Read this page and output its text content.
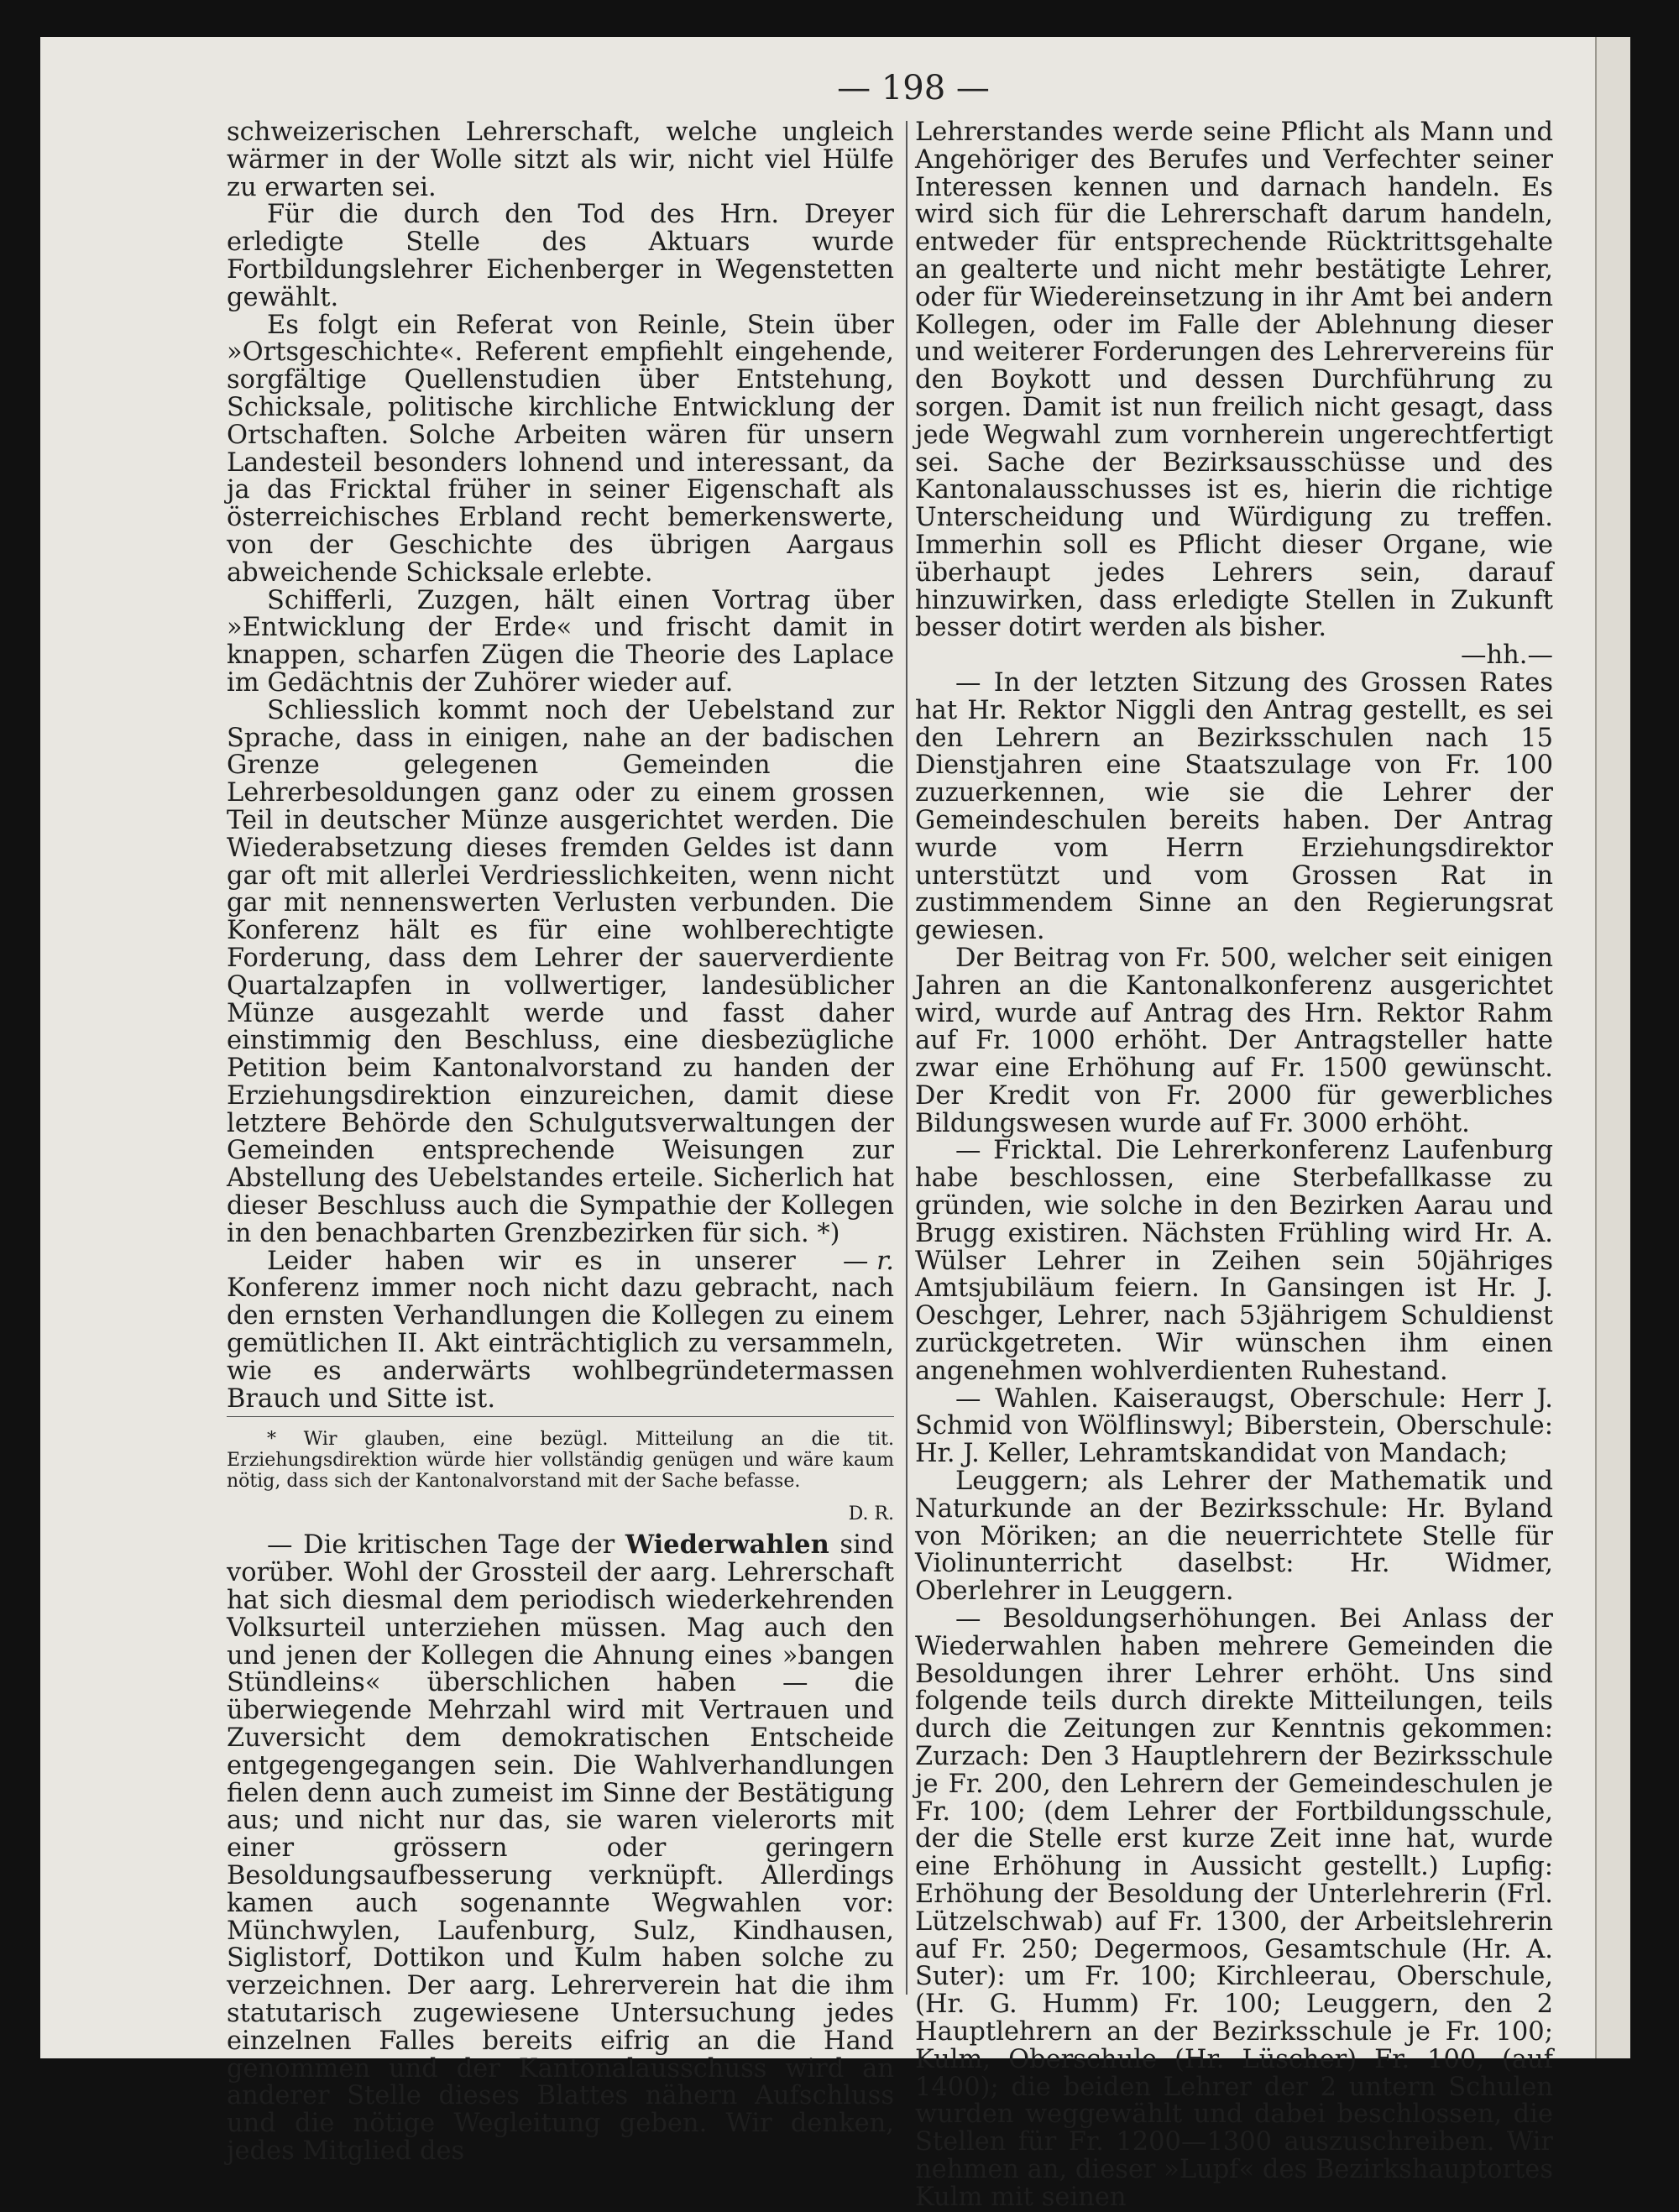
— 198 —

schweizerischen Lehrerschaft, welche ungleich wärmer in der Wolle sitzt als wir, nicht viel Hülfe zu erwarten sei.

Für die durch den Tod des Hrn. Dreyer erledigte Stelle des Aktuars wurde Fortbildungslehrer Eichenberger in Wegenstetten gewählt.

Es folgt ein Referat von Reinle, Stein über »Ortsgeschichte«. Referent empfiehlt eingehende, sorgfältige Quellenstudien über Entstehung, Schicksale, politische kirchliche Entwicklung der Ortschaften. Solche Arbeiten wären für unsern Landesteil besonders lohnend und interessant, da ja das Fricktal früher in seiner Eigenschaft als österreichisches Erbland recht bemerkenswerte, von der Geschichte des übrigen Aargaus abweichende Schicksale erlebte.

Schifferli, Zuzgen, hält einen Vortrag über »Entwicklung der Erde« und frischt damit in knappen, scharfen Zügen die Theorie des Laplace im Gedächtnis der Zuhörer wieder auf.

Schliesslich kommt noch der Uebelstand zur Sprache, dass in einigen, nahe an der badischen Grenze gelegenen Gemeinden die Lehrerbesoldungen ganz oder zu einem grossen Teil in deutscher Münze ausgerichtet werden. Die Wiederabsetzung dieses fremden Geldes ist dann gar oft mit allerlei Verdriesslichkeiten, wenn nicht gar mit nennenswerten Verlusten verbunden. Die Konferenz hält es für eine wohlberechtigte Forderung, dass dem Lehrer der sauerverdiente Quartalzapfen in vollwertiger, landesüblicher Münze ausgezahlt werde und fasst daher einstimmig den Beschluss, eine diesbezügliche Petition beim Kantonalvorstand zu handen der Erziehungsdirektion einzureichen, damit diese letztere Behörde den Schulgutsverwaltungen der Gemeinden entsprechende Weisungen zur Abstellung des Uebelstandes erteile. Sicherlich hat dieser Beschluss auch die Sympathie der Kollegen in den benachbarten Grenzbezirken für sich. *)

— r.
Leider haben wir es in unserer Konferenz immer noch nicht dazu gebracht, nach den ernsten Verhandlungen die Kollegen zu einem gemütlichen II. Akt einträchtiglich zu versammeln, wie es anderwärts wohlbegründetermassen Brauch und Sitte ist.

* Wir glauben, eine bezügl. Mitteilung an die tit. Erziehungsdirektion würde hier vollständig genügen und wäre kaum nötig, dass sich der Kantonalvorstand mit der Sache befasse.

D. R.

— Die kritischen Tage der Wiederwahlen sind vorüber. Wohl der Grossteil der aarg. Lehrerschaft hat sich diesmal dem periodisch wiederkehrenden Volksurteil unterziehen müssen. Mag auch den und jenen der Kollegen die Ahnung eines »bangen Stündleins« überschlichen haben — die überwiegende Mehrzahl wird mit Vertrauen und Zuversicht dem demokratischen Entscheide entgegengegangen sein. Die Wahlverhandlungen fielen denn auch zumeist im Sinne der Bestätigung aus; und nicht nur das, sie waren vielerorts mit einer grössern oder geringern Besoldungsaufbesserung verknüpft. Allerdings kamen auch sogenannte Wegwahlen vor: Münchwylen, Laufenburg, Sulz, Kindhausen, Siglistorf, Dottikon und Kulm haben solche zu verzeichnen. Der aarg. Lehrerverein hat die ihm statutarisch zugewiesene Untersuchung jedes einzelnen Falles bereits eifrig an die Hand genommen und der Kantonalausschuss wird an anderer Stelle dieses Blattes nähern Aufschluss und die nötige Wegleitung geben. Wir denken, jedes Mitglied des

Lehrerstandes werde seine Pflicht als Mann und Angehöriger des Berufes und Verfechter seiner Interessen kennen und darnach handeln. Es wird sich für die Lehrerschaft darum handeln, entweder für entsprechende Rücktrittsgehalte an gealterte und nicht mehr bestätigte Lehrer, oder für Wiedereinsetzung in ihr Amt bei andern Kollegen, oder im Falle der Ablehnung dieser und weiterer Forderungen des Lehrervereins für den Boykott und dessen Durchführung zu sorgen. Damit ist nun freilich nicht gesagt, dass jede Wegwahl zum vornherein ungerechtfertigt sei. Sache der Bezirksausschüsse und des Kantonalausschusses ist es, hierin die richtige Unterscheidung und Würdigung zu treffen. Immerhin soll es Pflicht dieser Organe, wie überhaupt jedes Lehrers sein, darauf hinzuwirken, dass erledigte Stellen in Zukunft besser dotirt werden als bisher.

—hh.—

— In der letzten Sitzung des Grossen Rates hat Hr. Rektor Niggli den Antrag gestellt, es sei den Lehrern an Bezirksschulen nach 15 Dienstjahren eine Staatszulage von Fr. 100 zuzuerkennen, wie sie die Lehrer der Gemeindeschulen bereits haben. Der Antrag wurde vom Herrn Erziehungsdirektor unterstützt und vom Grossen Rat in zustimmendem Sinne an den Regierungsrat gewiesen.

Der Beitrag von Fr. 500, welcher seit einigen Jahren an die Kantonalkonferenz ausgerichtet wird, wurde auf Antrag des Hrn. Rektor Rahm auf Fr. 1000 erhöht. Der Antragsteller hatte zwar eine Erhöhung auf Fr. 1500 gewünscht. Der Kredit von Fr. 2000 für gewerbliches Bildungswesen wurde auf Fr. 3000 erhöht.

— Fricktal. Die Lehrerkonferenz Laufenburg habe beschlossen, eine Sterbefallkasse zu gründen, wie solche in den Bezirken Aarau und Brugg existiren. Nächsten Frühling wird Hr. A. Wülser Lehrer in Zeihen sein 50jähriges Amtsjubiläum feiern. In Gansingen ist Hr. J. Oeschger, Lehrer, nach 53jährigem Schuldienst zurückgetreten. Wir wünschen ihm einen angenehmen wohlverdienten Ruhestand.

— Wahlen. Kaiseraugst, Oberschule: Herr J. Schmid von Wölflinswyl; Biberstein, Oberschule: Hr. J. Keller, Lehramtskandidat von Mandach;

Leuggern; als Lehrer der Mathematik und Naturkunde an der Bezirksschule: Hr. Byland von Möriken; an die neuerrichtete Stelle für Violinunterricht daselbst: Hr. Widmer, Oberlehrer in Leuggern.

— Besoldungserhöhungen. Bei Anlass der Wiederwahlen haben mehrere Gemeinden die Besoldungen ihrer Lehrer erhöht. Uns sind folgende teils durch direkte Mitteilungen, teils durch die Zeitungen zur Kenntnis gekommen: Zurzach: Den 3 Hauptlehrern der Bezirksschule je Fr. 200, den Lehrern der Gemeindeschulen je Fr. 100; (dem Lehrer der Fortbildungsschule, der die Stelle erst kurze Zeit inne hat, wurde eine Erhöhung in Aussicht gestellt.) Lupfig: Erhöhung der Besoldung der Unterlehrerin (Frl. Lützelschwab) auf Fr. 1300, der Arbeitslehrerin auf Fr. 250; Degermoos, Gesamtschule (Hr. A. Suter): um Fr. 100; Kirchleerau, Oberschule, (Hr. G. Humm) Fr. 100; Leuggern, den 2 Hauptlehrern an der Bezirksschule je Fr. 100; Kulm, Oberschule (Hr. Lüscher) Fr. 100, (auf 1400); die beiden Lehrer der 2 untern Schulen wurden weggewählt und dabei beschlossen, die Stellen für Fr. 1200—1300 auszuschreiben. Wir nehmen an, dieser »Lupf« des Bezirkshauptortes Kulm mit seinen
